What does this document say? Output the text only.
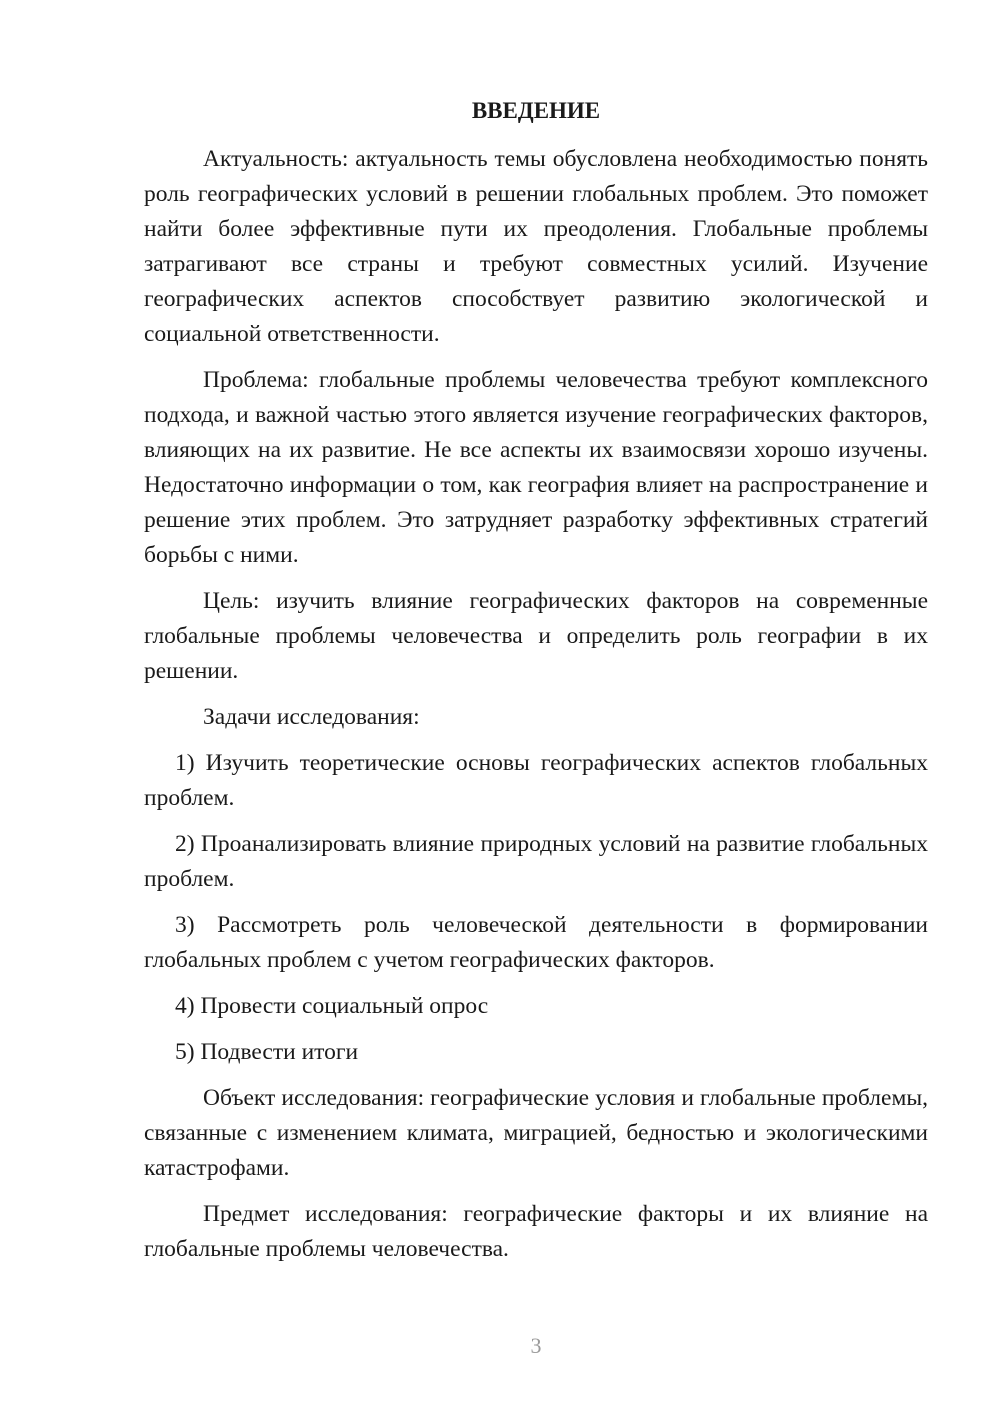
ВВЕДЕНИЕ

Актуальность: актуальность темы обусловлена необходимостью понять роль географических условий в решении глобальных проблем. Это поможет найти более эффективные пути их преодоления. Глобальные проблемы затрагивают все страны и требуют совместных усилий. Изучение географических аспектов способствует развитию экологической и социальной ответственности.

Проблема: глобальные проблемы человечества требуют комплексного подхода, и важной частью этого является изучение географических факторов, влияющих на их развитие. Не все аспекты их взаимосвязи хорошо изучены. Недостаточно информации о том, как география влияет на распространение и решение этих проблем. Это затрудняет разработку эффективных стратегий борьбы с ними.

Цель: изучить влияние географических факторов на современные глобальные проблемы человечества и определить роль географии в их решении.

Задачи исследования:

1) Изучить теоретические основы географических аспектов глобальных проблем.

2) Проанализировать влияние природных условий на развитие глобальных проблем.

3) Рассмотреть роль человеческой деятельности в формировании глобальных проблем с учетом географических факторов.

4) Провести социальный опрос

5) Подвести итоги

Объект исследования: географические условия и глобальные проблемы, связанные с изменением климата, миграцией, бедностью и экологическими катастрофами.

Предмет исследования: географические факторы и их влияние на глобальные проблемы человечества.

3
